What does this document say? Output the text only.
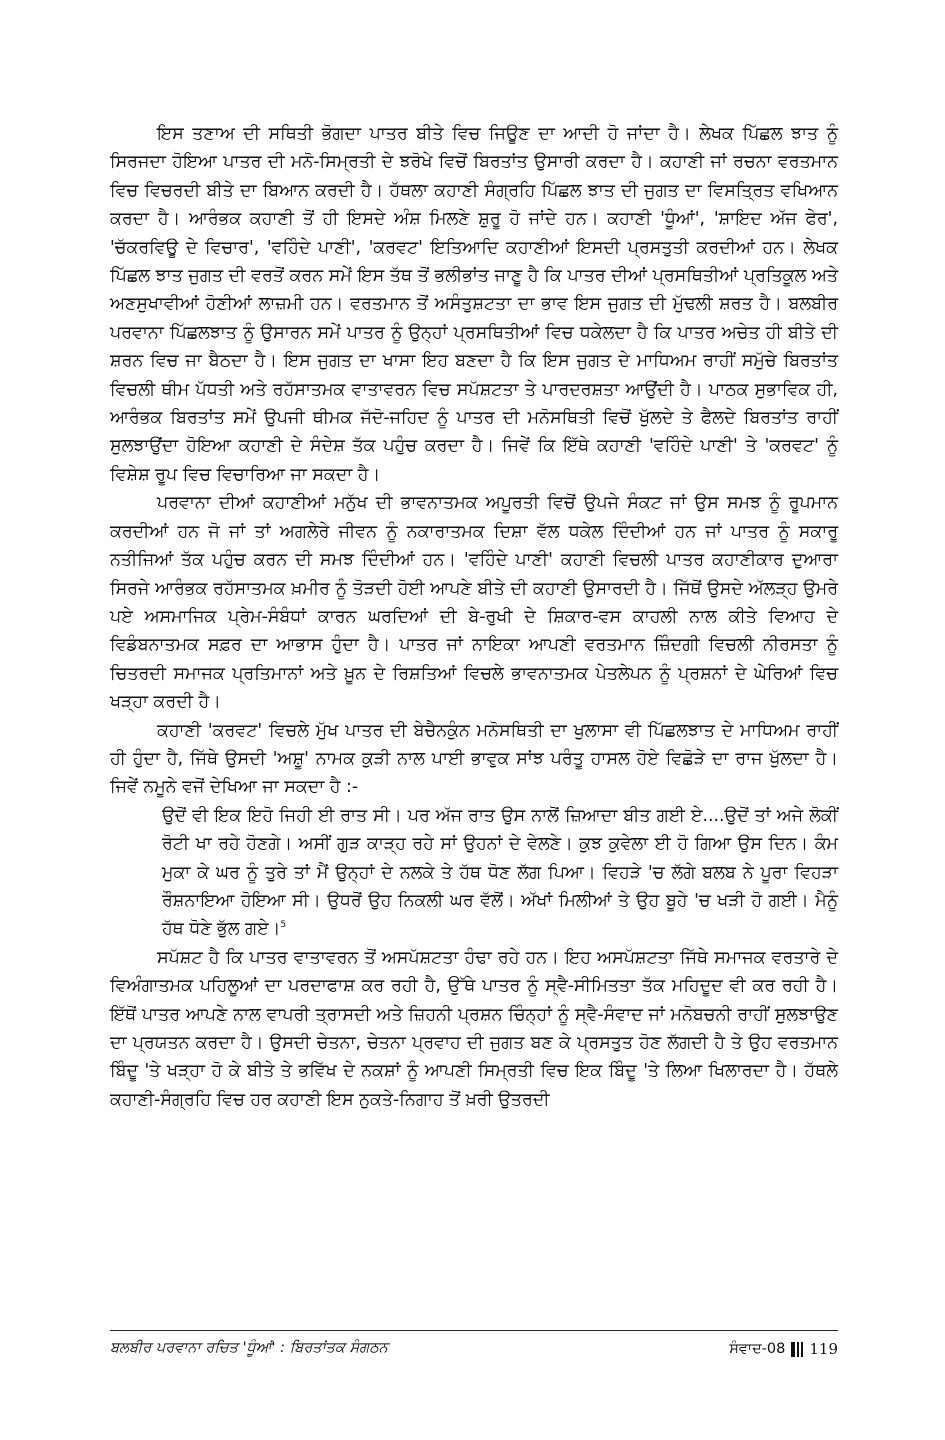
ਇਸ ਤਣਾਅ ਦੀ ਸਥਿਤੀ ਭੋਗਦਾ ਪਾਤਰ ਬੀਤੇ ਵਿਚ ਜਿਊਣ ਦਾ ਆਦੀ ਹੋ ਜਾਂਦਾ ਹੈ। ਲੇਖਕ ਪਿੱਛਲ ਝਾਤ ਨੂੰ ਸਿਰਜਦਾ ਹੋਇਆ ਪਾਤਰ ਦੀ ਮਨੋ-ਸਿਮ੍ਰਤੀ ਦੇ ਝਰੋਖੇ ਵਿਚੋਂ ਬਿਰਤਾਂਤ ਉਸਾਰੀ ਕਰਦਾ ਹੈ। ਕਹਾਣੀ ਜਾਂ ਰਚਨਾ ਵਰਤਮਾਨ ਵਿਚ ਵਿਚਰਦੀ ਬੀਤੇ ਦਾ ਬਿਆਨ ਕਰਦੀ ਹੈ। ਹੱਥਲਾ ਕਹਾਣੀ ਸੰਗ੍ਰਹਿ ਪਿੱਛਲ ਝਾਤ ਦੀ ਜੁਗਤ ਦਾ ਵਿਸਤ੍ਰਿਤ ਵਖਿਆਨ ਕਰਦਾ ਹੈ। ਆਰੰਭਕ ਕਹਾਣੀ ਤੋਂ ਹੀ ਇਸਦੇ ਅੰਸ਼ ਮਿਲਣੇ ਸ਼ੁਰੂ ਹੋ ਜਾਂਦੇ ਹਨ। ਕਹਾਣੀ 'ਧੂੰਆਂ', 'ਸ਼ਾਇਦ ਅੱਜ ਫੇਰ', 'ਚੱਕਰਵਿਊ ਦੇ ਵਿਚਾਰ', 'ਵਹਿੰਦੇ ਪਾਣੀ', 'ਕਰਵਟ' ਇਤਿਆਦਿ ਕਹਾਣੀਆਂ ਇਸਦੀ ਪ੍ਰਸਤੁਤੀ ਕਰਦੀਆਂ ਹਨ। ਲੇਖਕ ਪਿੱਛਲ ਝਾਤ ਜੁਗਤ ਦੀ ਵਰਤੋਂ ਕਰਨ ਸਮੇਂ ਇਸ ਤੱਥ ਤੋਂ ਭਲੀਭਾਂਤ ਜਾਣੂ ਹੈ ਕਿ ਪਾਤਰ ਦੀਆਂ ਪ੍ਰਸਥਿਤੀਆਂ ਪ੍ਰਤਿਕੂਲ ਅਤੇ ਅਣਸੁਖਾਵੀਆਂ ਹੋਣੀਆਂ ਲਾਜ਼ਮੀ ਹਨ। ਵਰਤਮਾਨ ਤੋਂ ਅਸੰਤੁਸ਼ਟਤਾ ਦਾ ਭਾਵ ਇਸ ਜੁਗਤ ਦੀ ਮੁੱਢਲੀ ਸ਼ਰਤ ਹੈ। ਬਲਬੀਰ ਪਰਵਾਨਾ ਪਿੱਛਲਝਾਤ ਨੂੰ ਉਸਾਰਨ ਸਮੇਂ ਪਾਤਰ ਨੂੰ ਉਨ੍ਹਾਂ ਪ੍ਰਸਥਿਤੀਆਂ ਵਿਚ ਧਕੇਲਦਾ ਹੈ ਕਿ ਪਾਤਰ ਅਚੇਤ ਹੀ ਬੀਤੇ ਦੀ ਸ਼ਰਨ ਵਿਚ ਜਾ ਬੈਠਦਾ ਹੈ। ਇਸ ਜੁਗਤ ਦਾ ਖਾਸਾ ਇਹ ਬਣਦਾ ਹੈ ਕਿ ਇਸ ਜੁਗਤ ਦੇ ਮਾਧਿਅਮ ਰਾਹੀਂ ਸਮੁੱਚੇ ਬਿਰਤਾਂਤ ਵਿਚਲੀ ਥੀਮ ਪੱਧਤੀ ਅਤੇ ਰਹੱਸਾਤਮਕ ਵਾਤਾਵਰਨ ਵਿਚ ਸਪੱਸ਼ਟਤਾ ਤੇ ਪਾਰਦਰਸ਼ਤਾ ਆਉਂਦੀ ਹੈ। ਪਾਠਕ ਸੁਭਾਵਿਕ ਹੀ, ਆਰੰਭਕ ਬਿਰਤਾਂਤ ਸਮੇਂ ਉਪਜੀ ਥੀਮਕ ਜੱਦੋ-ਜਹਿਦ ਨੂੰ ਪਾਤਰ ਦੀ ਮਨੋਸਥਿਤੀ ਵਿਚੋਂ ਖੁੱਲਦੇ ਤੇ ਫੈਲਦੇ ਬਿਰਤਾਂਤ ਰਾਹੀਂ ਸੁਲਝਾਉਂਦਾ ਹੋਇਆ ਕਹਾਣੀ ਦੇ ਸੰਦੇਸ਼ ਤੱਕ ਪਹੁੰਚ ਕਰਦਾ ਹੈ। ਜਿਵੇਂ ਕਿ ਇੱਥੇ ਕਹਾਣੀ 'ਵਹਿੰਦੇ ਪਾਣੀ' ਤੇ 'ਕਰਵਟ' ਨੂੰ ਵਿਸ਼ੇਸ਼ ਰੂਪ ਵਿਚ ਵਿਚਾਰਿਆ ਜਾ ਸਕਦਾ ਹੈ।

ਪਰਵਾਨਾ ਦੀਆਂ ਕਹਾਣੀਆਂ ਮਨੁੱਖ ਦੀ ਭਾਵਨਾਤਮਕ ਅਪੂਰਤੀ ਵਿਚੋਂ ਉਪਜੇ ਸੰਕਟ ਜਾਂ ਉਸ ਸਮਝ ਨੂੰ ਰੂਪਮਾਨ ਕਰਦੀਆਂ ਹਨ ਜੋ ਜਾਂ ਤਾਂ ਅਗਲੇਰੇ ਜੀਵਨ ਨੂੰ ਨਕਾਰਾਤਮਕ ਦਿਸ਼ਾ ਵੱਲ ਧਕੇਲ ਦਿੰਦੀਆਂ ਹਨ ਜਾਂ ਪਾਤਰ ਨੂੰ ਸਕਾਰੂ ਨਤੀਜਿਆਂ ਤੱਕ ਪਹੁੰਚ ਕਰਨ ਦੀ ਸਮਝ ਦਿੰਦੀਆਂ ਹਨ। 'ਵਹਿੰਦੇ ਪਾਣੀ' ਕਹਾਣੀ ਵਿਚਲੀ ਪਾਤਰ ਕਹਾਣੀਕਾਰ ਦੁਆਰਾ ਸਿਰਜੇ ਆਰੰਭਕ ਰਹੱਸਾਤਮਕ ਖ਼ਮੀਰ ਨੂੰ ਤੋੜਦੀ ਹੋਈ ਆਪਣੇ ਬੀਤੇ ਦੀ ਕਹਾਣੀ ਉਸਾਰਦੀ ਹੈ। ਜਿੱਥੋਂ ਉਸਦੇ ਅੱਲੜ੍ਹ ਉਮਰੇ ਪਏ ਅਸਮਾਜਿਕ ਪ੍ਰੇਮ-ਸੰਬੰਧਾਂ ਕਾਰਨ ਘਰਦਿਆਂ ਦੀ ਬੇ-ਰੁਖੀ ਦੇ ਸ਼ਿਕਾਰ-ਵਸ ਕਾਹਲੀ ਨਾਲ ਕੀਤੇ ਵਿਆਹ ਦੇ ਵਿਡੰਬਨਾਤਮਕ ਸਫ਼ਰ ਦਾ ਆਭਾਸ ਹੁੰਦਾ ਹੈ। ਪਾਤਰ ਜਾਂ ਨਾਇਕਾ ਆਪਣੀ ਵਰਤਮਾਨ ਜ਼ਿੰਦਗੀ ਵਿਚਲੀ ਨੀਰਸਤਾ ਨੂੰ ਚਿਤਰਦੀ ਸਮਾਜਕ ਪ੍ਰਤਿਮਾਨਾਂ ਅਤੇ ਖ਼ੂਨ ਦੇ ਰਿਸ਼ਤਿਆਂ ਵਿਚਲੇ ਭਾਵਨਾਤਮਕ ਪੇਤਲੇਪਨ ਨੂੰ ਪ੍ਰਸ਼ਨਾਂ ਦੇ ਘੇਰਿਆਂ ਵਿਚ ਖੜ੍ਹਾ ਕਰਦੀ ਹੈ।

ਕਹਾਣੀ 'ਕਰਵਟ' ਵਿਚਲੇ ਮੁੱਖ ਪਾਤਰ ਦੀ ਬੇਚੈਨਕੁੰਨ ਮਨੋਸਥਿਤੀ ਦਾ ਖੁਲਾਸਾ ਵੀ ਪਿੱਛਲਝਾਤ ਦੇ ਮਾਧਿਅਮ ਰਾਹੀਂ ਹੀ ਹੁੰਦਾ ਹੈ, ਜਿੱਥੇ ਉਸਦੀ 'ਅਸ਼ੂ' ਨਾਮਕ ਕੁੜੀ ਨਾਲ ਪਾਈ ਭਾਵੁਕ ਸਾਂਝ ਪਰੰਤੂ ਹਾਸਲ ਹੋਏ ਵਿਛੋੜੇ ਦਾ ਰਾਜ ਖੁੱਲਦਾ ਹੈ। ਜਿਵੇਂ ਨਮੂਨੇ ਵਜੋਂ ਦੇਖਿਆ ਜਾ ਸਕਦਾ ਹੈ :-

ਉਦੋਂ ਵੀ ਇਕ ਇਹੋ ਜਿਹੀ ਈ ਰਾਤ ਸੀ। ਪਰ ਅੱਜ ਰਾਤ ਉਸ ਨਾਲੋਂ ਜ਼ਿਆਦਾ ਬੀਤ ਗਈ ਏ....ਉਦੋਂ ਤਾਂ ਅਜੇ ਲੋਕੀਂ ਰੋਟੀ ਖਾ ਰਹੇ ਹੋਣਗੇ। ਅਸੀਂ ਗੁੜ ਕਾੜ੍ਹ ਰਹੇ ਸਾਂ ਉਹਨਾਂ ਦੇ ਵੇਲਣੇ। ਕੁਝ ਕੁਵੇਲਾ ਈ ਹੋ ਗਿਆ ਉਸ ਦਿਨ। ਕੰਮ ਮੁਕਾ ਕੇ ਘਰ ਨੂੰ ਤੁਰੇ ਤਾਂ ਮੈਂ ਉਨ੍ਹਾਂ ਦੇ ਨਲਕੇ ਤੇ ਹੱਥ ਧੋਣ ਲੱਗ ਪਿਆ। ਵਿਹੜੇ 'ਚ ਲੱਗੇ ਬਲਬ ਨੇ ਪੂਰਾ ਵਿਹੜਾ ਰੌਸ਼ਨਾਇਆ ਹੋਇਆ ਸੀ। ਉਧਰੋਂ ਉਹ ਨਿਕਲੀ ਘਰ ਵੱਲੋਂ। ਅੱਖਾਂ ਮਿਲੀਆਂ ਤੇ ਉਹ ਬੂਹੇ 'ਚ ਖੜੀ ਹੋ ਗਈ। ਮੈਨੂੰ ਹੱਥ ਧੋਣੇ ਭੁੱਲ ਗਏ।$^5$

ਸਪੱਸ਼ਟ ਹੈ ਕਿ ਪਾਤਰ ਵਾਤਾਵਰਨ ਤੋਂ ਅਸਪੱਸ਼ਟਤਾ ਹੰਢਾ ਰਹੇ ਹਨ। ਇਹ ਅਸਪੱਸ਼ਟਤਾ ਜਿੱਥੇ ਸਮਾਜਕ ਵਰਤਾਰੇ ਦੇ ਵਿਅੰਗਾਤਮਕ ਪਹਿਲੂਆਂ ਦਾ ਪਰਦਾਫਾਸ਼ ਕਰ ਰਹੀ ਹੈ, ਉੱਥੇ ਪਾਤਰ ਨੂੰ ਸ੍ਵੈ-ਸੀਮਿਤਤਾ ਤੱਕ ਮਹਿਦੂਦ ਵੀ ਕਰ ਰਹੀ ਹੈ। ਇੱਥੋਂ ਪਾਤਰ ਆਪਣੇ ਨਾਲ ਵਾਪਰੀ ਤ੍ਰਾਸਦੀ ਅਤੇ ਜ਼ਿਹਨੀ ਪ੍ਰਸ਼ਨ ਚਿੰਨ੍ਹਾਂ ਨੂੰ ਸ੍ਵੈ-ਸੰਵਾਦ ਜਾਂ ਮਨੋਬਚਨੀ ਰਾਹੀਂ ਸੁਲਝਾਉਣ ਦਾ ਪ੍ਰਯਤਨ ਕਰਦਾ ਹੈ। ਉਸਦੀ ਚੇਤਨਾ, ਚੇਤਨਾ ਪ੍ਰਵਾਹ ਦੀ ਜੁਗਤ ਬਣ ਕੇ ਪ੍ਰਸਤੁਤ ਹੋਣ ਲੱਗਦੀ ਹੈ ਤੇ ਉਹ ਵਰਤਮਾਨ ਬਿੰਦੂ 'ਤੇ ਖੜ੍ਹਾ ਹੋ ਕੇ ਬੀਤੇ ਤੇ ਭਵਿੱਖ ਦੇ ਨਕਸ਼ਾਂ ਨੂੰ ਆਪਣੀ ਸਿਮ੍ਰਤੀ ਵਿਚ ਇਕ ਬਿੰਦੂ 'ਤੇ ਲਿਆ ਖਿਲਾਰਦਾ ਹੈ। ਹੱਥਲੇ ਕਹਾਣੀ-ਸੰਗ੍ਰਹਿ ਵਿਚ ਹਰ ਕਹਾਣੀ ਇਸ ਨੁਕਤੇ-ਨਿਗਾਹ ਤੋਂ ਖ਼ਰੀ ਉਤਰਦੀ

ਬਲਬੀਰ ਪਰਵਾਨਾ ਰਚਿਤ 'ਧੂੰਆਂ' : ਬਿਰਤਾਂਤਕ ਸੰਗਠਨ	ਸੰਵਾਦ-08 119
